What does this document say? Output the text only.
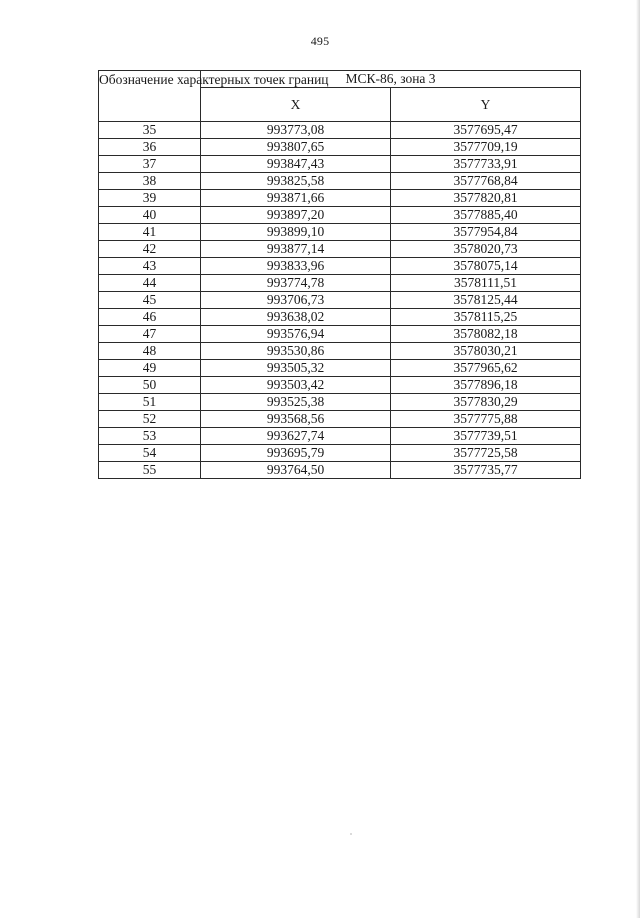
495
Обозначение характерных точек границ	МСК-86, зона 3	
	X	Y
35	993773,08	3577695,47
36	993807,65	3577709,19
37	993847,43	3577733,91
38	993825,58	3577768,84
39	993871,66	3577820,81
40	993897,20	3577885,40
41	993899,10	3577954,84
42	993877,14	3578020,73
43	993833,96	3578075,14
44	993774,78	3578111,51
45	993706,73	3578125,44
46	993638,02	3578115,25
47	993576,94	3578082,18
48	993530,86	3578030,21
49	993505,32	3577965,62
50	993503,42	3577896,18
51	993525,38	3577830,29
52	993568,56	3577775,88
53	993627,74	3577739,51
54	993695,79	3577725,58
55	993764,50	3577735,77
